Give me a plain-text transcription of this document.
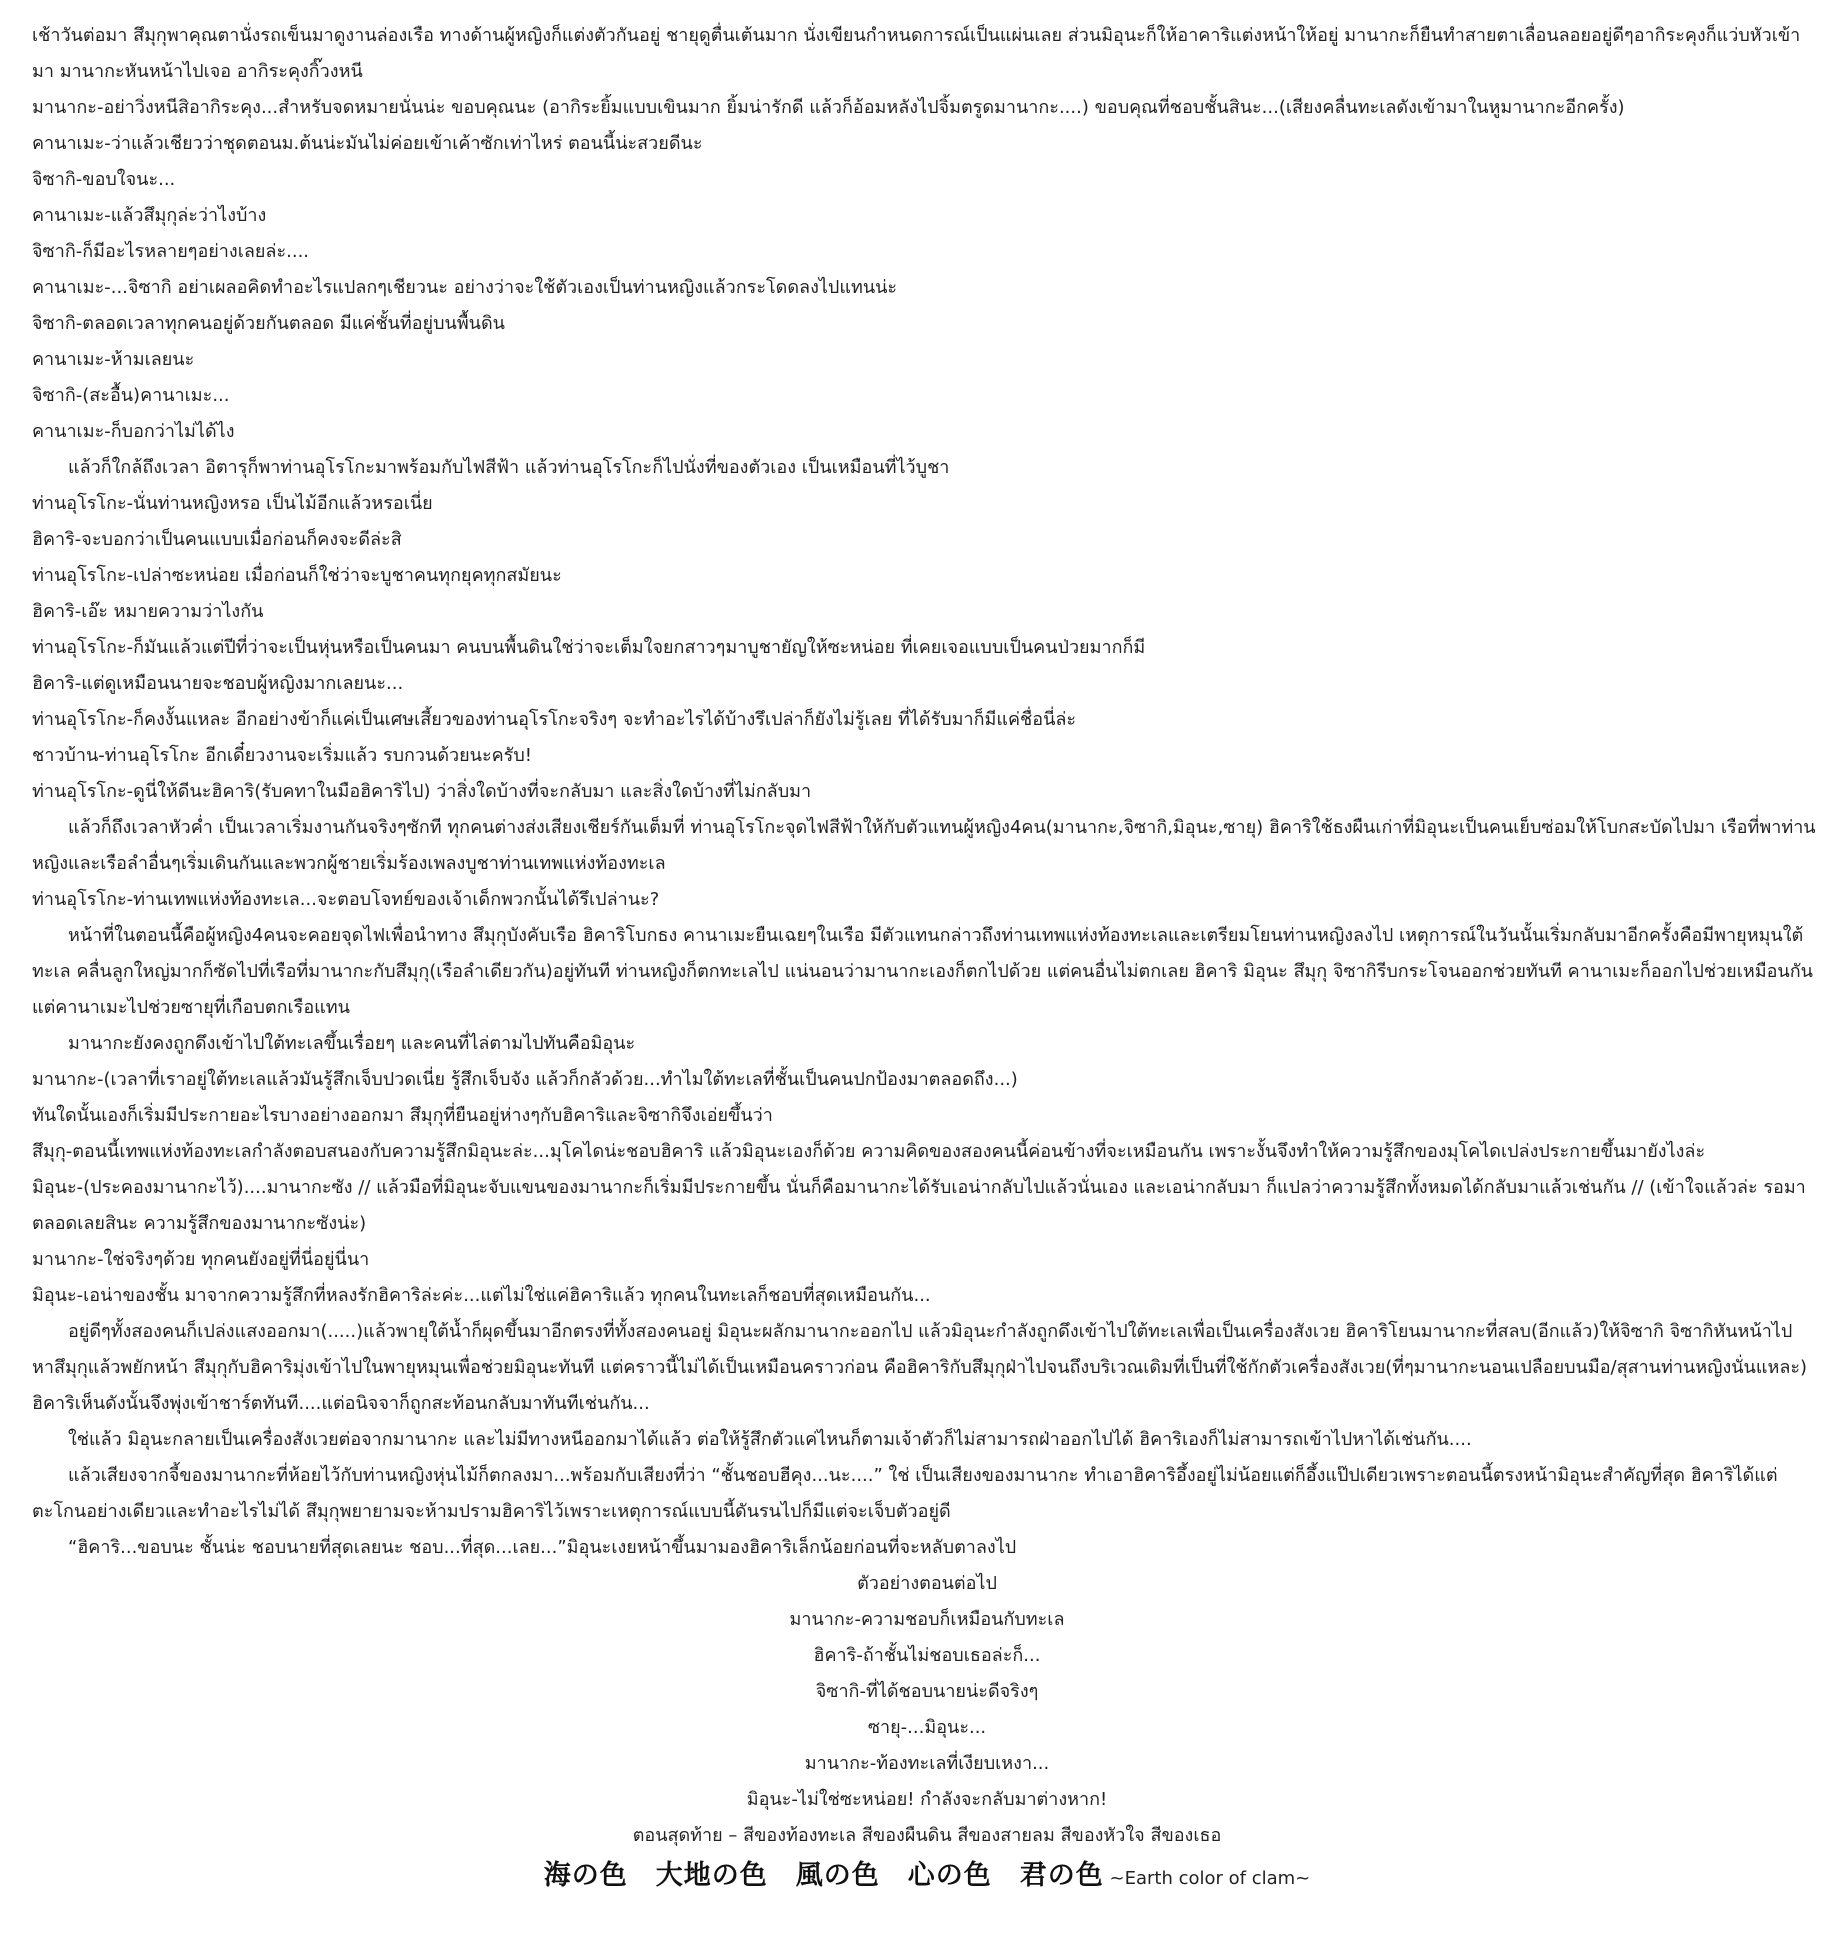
เช้าวันต่อมา สึมุกุพาคุณตานั่งรถเข็นมาดูงานล่องเรือ ทางด้านผู้หญิงก็แต่งตัวกันอยู่ ชายุดูตื่นเต้นมาก นั่งเขียนกำหนดการณ์เป็นแผ่นเลย ส่วนมิอุนะก็ให้อาคาริแต่งหน้าให้อยู่ มานากะก็ยืนทำสายตาเลื่อนลอยอยู่ดีๆอากิระคุงก็แว่บหัวเข้ามา มานากะหันหน้าไปเจอ อากิระคุงกิ๊วงหนี

มานากะ-อย่าวิ่งหนีสิอากิระคุง...สำหรับจดหมายนั่นน่ะ ขอบคุณนะ (อากิระยิ้มแบบเขินมาก ยิ้มน่ารักดี แล้วก็อ้อมหลังไปจิ้มตรูดมานากะ....) ขอบคุณที่ชอบชั้นสินะ...(เสียงคลื่นทะเลดังเข้ามาในหูมานากะอีกครั้ง)

คานาเมะ-ว่าแล้วเชียวว่าชุดตอนม.ต้นน่ะมันไม่ค่อยเข้าเค้าซักเท่าไหร่ ตอนนี้น่ะสวยดีนะ

จิซากิ-ขอบใจนะ...

คานาเมะ-แล้วสึมุกุล่ะว่าไงบ้าง

จิซากิ-ก็มีอะไรหลายๆอย่างเลยล่ะ....

คานาเมะ-...จิซากิ อย่าเผลอคิดทำอะไรแปลกๆเชียวนะ อย่างว่าจะใช้ตัวเองเป็นท่านหญิงแล้วกระโดดลงไปแทนน่ะ

จิซากิ-ตลอดเวลาทุกคนอยู่ด้วยกันตลอด มีแค่ชั้นที่อยู่บนพื้นดิน

คานาเมะ-ห้ามเลยนะ

จิซากิ-(สะอื้น)คานาเมะ...

คานาเมะ-ก็บอกว่าไม่ได้ไง

แล้วก็ใกล้ถึงเวลา อิตารุก็พาท่านอุโรโกะมาพร้อมกับไฟสีฟ้า แล้วท่านอุโรโกะก็ไปนั่งที่ของตัวเอง เป็นเหมือนที่ไว้บูชา

ท่านอุโรโกะ-นั่นท่านหญิงหรอ เป็นไม้อีกแล้วหรอเนี่ย

ฮิคาริ-จะบอกว่าเป็นคนแบบเมื่อก่อนก็คงจะดีล่ะสิ

ท่านอุโรโกะ-เปล่าซะหน่อย เมื่อก่อนก็ใช่ว่าจะบูชาคนทุกยุคทุกสมัยนะ

ฮิคาริ-เอ๊ะ หมายความว่าไงกัน

ท่านอุโรโกะ-ก็มันแล้วแต่ปีที่ว่าจะเป็นหุ่นหรือเป็นคนมา คนบนพื้นดินใช่ว่าจะเต็มใจยกสาวๆมาบูชายัญให้ซะหน่อย ที่เคยเจอแบบเป็นคนป่วยมากก็มี

ฮิคาริ-แต่ดูเหมือนนายจะชอบผู้หญิงมากเลยนะ...

ท่านอุโรโกะ-ก็คงงั้นแหละ อีกอย่างข้าก็แค่เป็นเศษเสี้ยวของท่านอุโรโกะจริงๆ จะทำอะไรได้บ้างรึเปล่าก็ยังไม่รู้เลย ที่ได้รับมาก็มีแค่ชื่อนี่ล่ะ

ชาวบ้าน-ท่านอุโรโกะ อีกเดี๋ยวงานจะเริ่มแล้ว รบกวนด้วยนะครับ!

ท่านอุโรโกะ-ดูนี่ให้ดีนะฮิคาริ(รับคทาในมือฮิคาริไป) ว่าสิ่งใดบ้างที่จะกลับมา และสิ่งใดบ้างที่ไม่กลับมา

แล้วก็ถึงเวลาหัวค่ำ เป็นเวลาเริ่มงานกันจริงๆซักที ทุกคนต่างส่งเสียงเชียร์กันเต็มที่ ท่านอุโรโกะจุดไฟสีฟ้าให้กับตัวแทนผู้หญิง4คน(มานากะ,จิซากิ,มิอุนะ,ซายุ) ฮิคาริใช้ธงผืนเก่าที่มิอุนะเป็นคนเย็บซ่อมให้โบกสะบัดไปมา เรือที่พาท่านหญิงและเรือลำอื่นๆเริ่มเดินกันและพวกผู้ชายเริ่มร้องเพลงบูชาท่านเทพแห่งท้องทะเล

ท่านอุโรโกะ-ท่านเทพแห่งท้องทะเล...จะตอบโจทย์ของเจ้าเด็กพวกนั้นได้รึเปล่านะ?

หน้าที่ในตอนนี้คือผู้หญิง4คนจะคอยจุดไฟเพื่อนำทาง สึมุกุบังคับเรือ ฮิคาริโบกธง คานาเมะยืนเฉยๆในเรือ มีตัวแทนกล่าวถึงท่านเทพแห่งท้องทะเลและเตรียมโยนท่านหญิงลงไป เหตุการณ์ในวันนั้นเริ่มกลับมาอีกครั้งคือมีพายุหมุนใต้ทะเล คลื่นลูกใหญ่มากก็ซัดไปที่เรือที่มานากะกับสึมุกุ(เรือลำเดียวกัน)อยู่ทันที ท่านหญิงก็ตกทะเลไป แน่นอนว่ามานากะเองก็ตกไปด้วย แต่คนอื่นไม่ตกเลย ฮิคาริ มิอุนะ สึมุกุ จิซากิรีบกระโจนออกช่วยทันที คานาเมะก็ออกไปช่วยเหมือนกันแต่คานาเมะไปช่วยซายุที่เกือบตกเรือแทน

มานากะยังคงถูกดึงเข้าไปใต้ทะเลขึ้นเรื่อยๆ และคนที่ไล่ตามไปทันคือมิอุนะ

มานากะ-(เวลาที่เราอยู่ใต้ทะเลแล้วมันรู้สึกเจ็บปวดเนี่ย รู้สึกเจ็บจัง แล้วก็กลัวด้วย...ทำไมใต้ทะเลที่ชั้นเป็นคนปกป้องมาตลอดถึง...)

ทันใดนั้นเองก็เริ่มมีประกายอะไรบางอย่างออกมา สึมุกุที่ยืนอยู่ห่างๆกับฮิคาริและจิซากิจึงเอ่ยขึ้นว่า

สึมุกุ-ตอนนี้เทพแห่งท้องทะเลกำลังตอบสนองกับความรู้สึกมิอุนะล่ะ...มุโคไดน่ะชอบฮิคาริ แล้วมิอุนะเองก็ด้วย ความคิดของสองคนนี้ค่อนข้างที่จะเหมือนกัน เพราะงั้นจึงทำให้ความรู้สึกของมุโคไดเปล่งประกายขึ้นมายังไงล่ะ

มิอุนะ-(ประคองมานากะไว้)....มานากะซัง // แล้วมือที่มิอุนะจับแขนของมานากะก็เริ่มมีประกายขึ้น นั่นก็คือมานากะได้รับเอน่ากลับไปแล้วนั่นเอง และเอน่ากลับมา ก็แปลว่าความรู้สึกทั้งหมดได้กลับมาแล้วเช่นกัน // (เข้าใจแล้วล่ะ รอมาตลอดเลยสินะ ความรู้สึกของมานากะซังน่ะ)

มานากะ-ใช่จริงๆด้วย ทุกคนยังอยู่ที่นี่อยู่นี่นา

มิอุนะ-เอน่าของชั้น มาจากความรู้สึกที่หลงรักฮิคาริล่ะค่ะ...แต่ไม่ใช่แค่ฮิคาริแล้ว ทุกคนในทะเลก็ชอบที่สุดเหมือนกัน...

อยู่ดีๆทั้งสองคนก็เปล่งแสงออกมา(.....)แล้วพายุใต้น้ำก็ผุดขึ้นมาอีกตรงที่ทั้งสองคนอยู่ มิอุนะผลักมานากะออกไป แล้วมิอุนะกำลังถูกดึงเข้าไปใต้ทะเลเพื่อเป็นเครื่องสังเวย ฮิคาริโยนมานากะที่สลบ(อีกแล้ว)ให้จิซากิ จิซากิหันหน้าไปหาสึมุกุแล้วพยักหน้า สึมุกุกับฮิคาริมุ่งเข้าไปในพายุหมุนเพื่อช่วยมิอุนะทันที แต่คราวนี้ไม่ได้เป็นเหมือนคราวก่อน คือฮิคาริกับสึมุกุฝ่าไปจนถึงบริเวณเดิมที่เป็นที่ใช้กักตัวเครื่องสังเวย(ที่ๆมานากะนอนเปลือยบนมือ/สุสานท่านหญิงนั่นแหละ) ฮิคาริเห็นดังนั้นจึงพุ่งเข้าชาร์ตทันที....แต่อนิจจาก็ถูกสะท้อนกลับมาทันทีเช่นกัน...

ใช่แล้ว มิอุนะกลายเป็นเครื่องสังเวยต่อจากมานากะ และไม่มีทางหนีออกมาได้แล้ว ต่อให้รู้สึกตัวแค่ไหนก็ตามเจ้าตัวก็ไม่สามารถฝ่าออกไปได้ ฮิคาริเองก็ไม่สามารถเข้าไปหาได้เช่นกัน....

แล้วเสียงจากจี้ของมานากะที่ห้อยไว้กับท่านหญิงหุ่นไม้ก็ตกลงมา...พร้อมกับเสียงที่ว่า “ชั้นชอบฮีคุง...นะ....” ใช่ เป็นเสียงของมานากะ ทำเอาฮิคาริอึ้งอยู่ไม่น้อยแต่ก็อึ้งแป๊ปเดียวเพราะตอนนี้ตรงหน้ามิอุนะสำคัญที่สุด ฮิคาริได้แต่ตะโกนอย่างเดียวและทำอะไรไม่ได้ สึมุกุพยายามจะห้ามปรามฮิคาริไว้เพราะเหตุการณ์แบบนี้ดันรนไปก็มีแต่จะเจ็บตัวอยู่ดี

“ฮิคาริ...ขอบนะ ชั้นน่ะ ชอบนายที่สุดเลยนะ ชอบ...ที่สุด...เลย...”มิอุนะเงยหน้าขึ้นมามองฮิคาริเล็กน้อยก่อนที่จะหลับตาลงไป

ตัวอย่างตอนต่อไป

มานากะ-ความชอบก็เหมือนกับทะเล

ฮิคาริ-ถ้าชั้นไม่ชอบเธอล่ะก็...

จิซากิ-ที่ได้ชอบนายน่ะดีจริงๆ

ซายุ-...มิอุนะ...

มานากะ-ท้องทะเลที่เงียบเหงา...

มิอุนะ-ไม่ใช่ซะหน่อย! กำลังจะกลับมาต่างหาก!

ตอนสุดท้าย – สีของท้องทะเล สีของผืนดิน สีของสายลม สีของหัวใจ สีของเธอ

海の色　大地の色　風の色　心の色　君の色 ~Earth color of clam~
